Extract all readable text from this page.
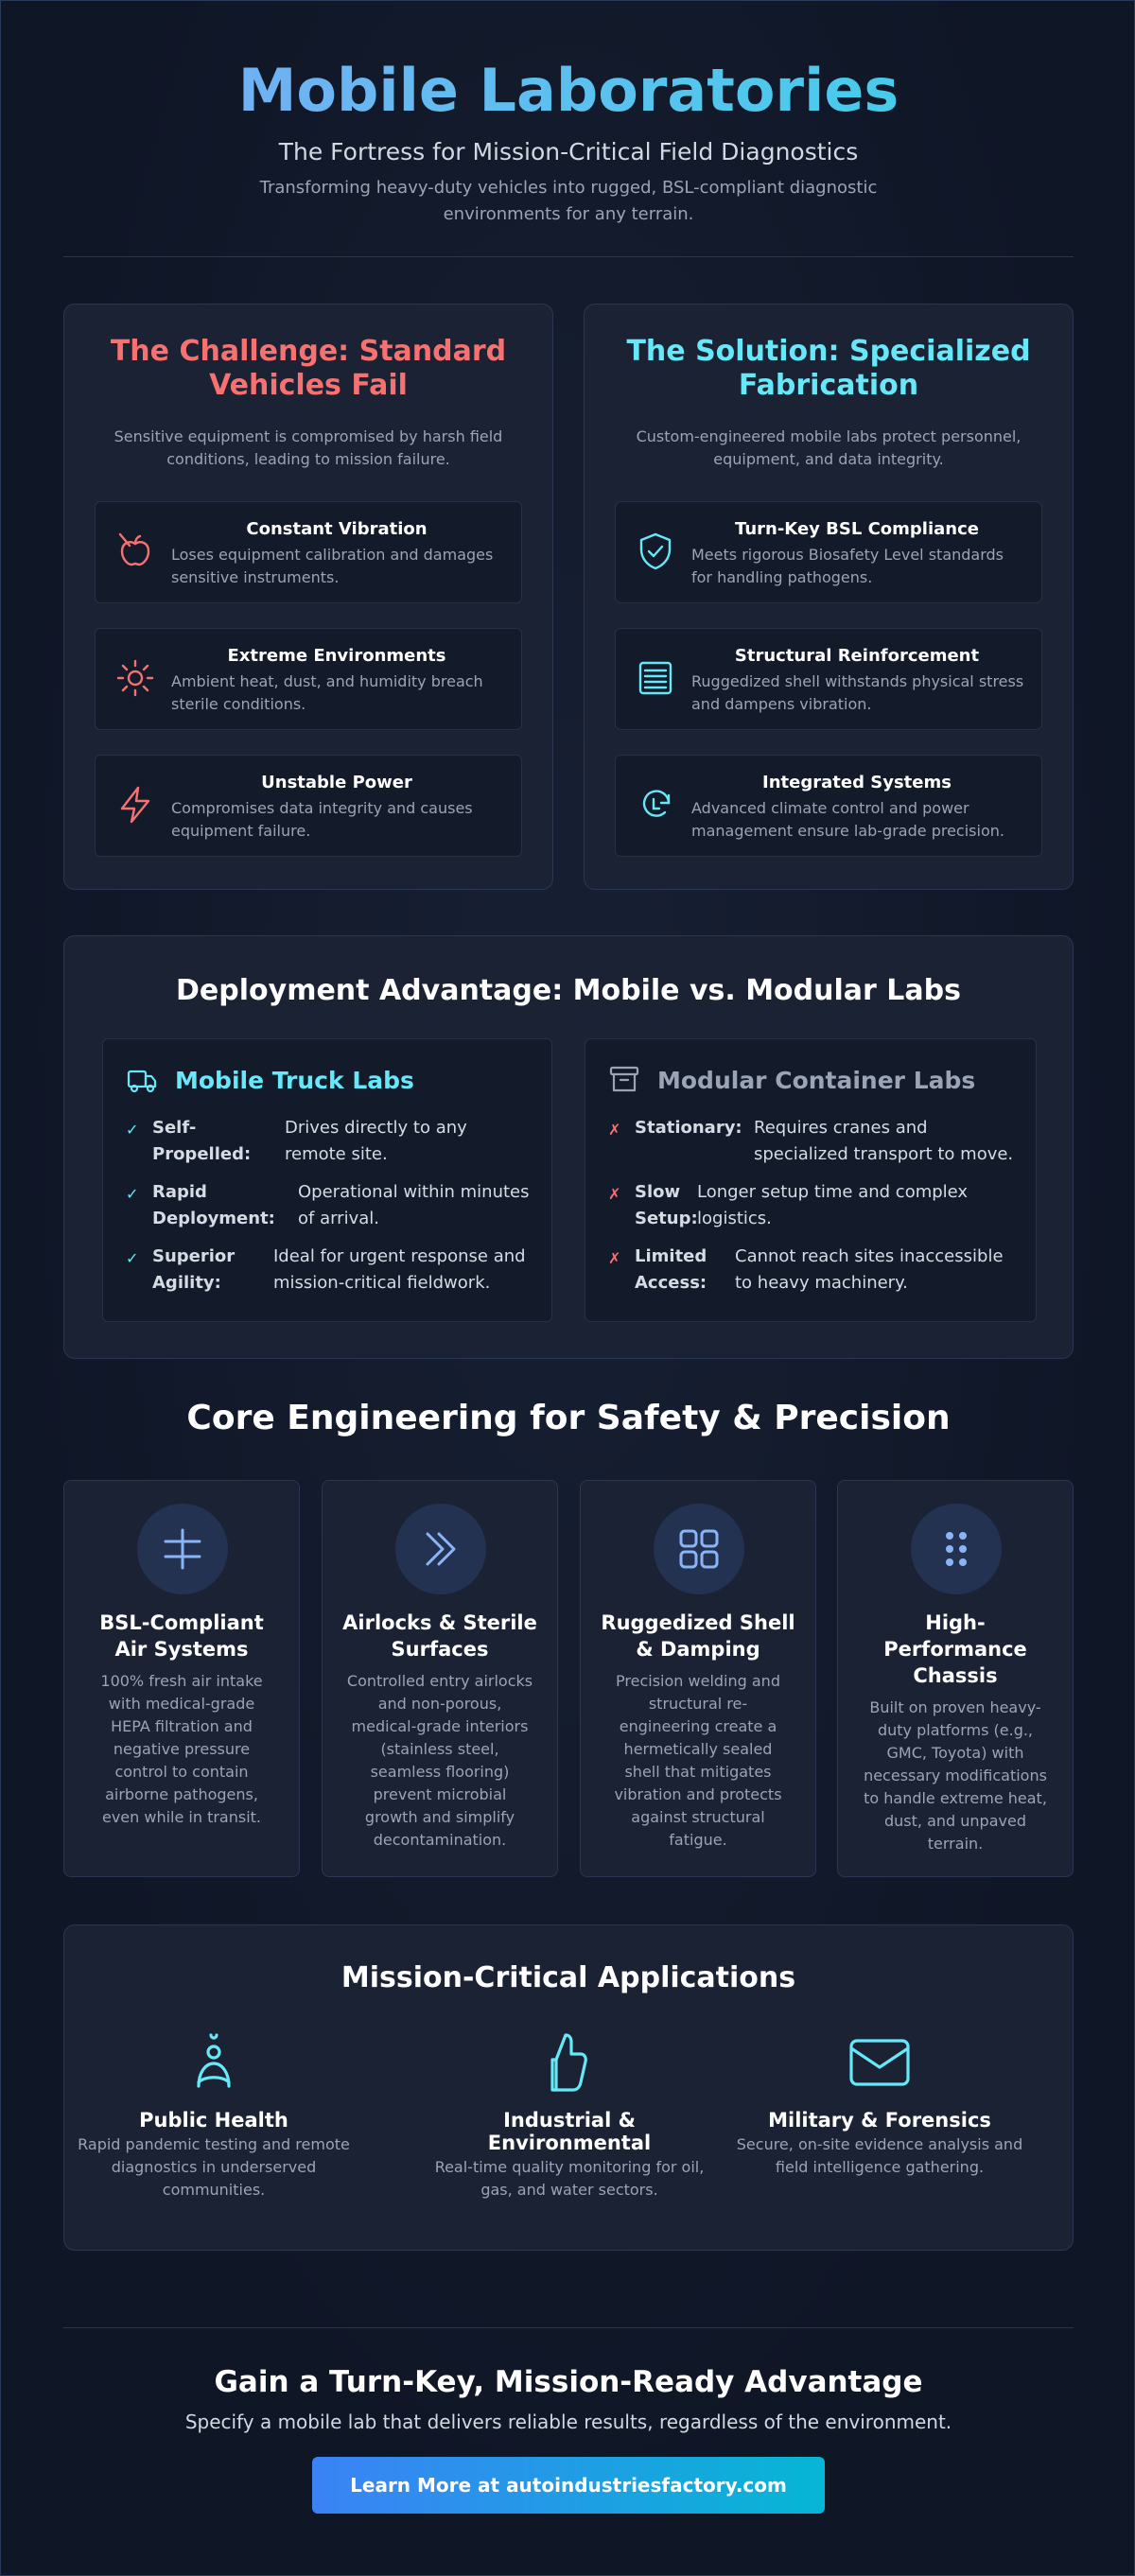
Mobile Laboratories
The Fortress for Mission-Critical Field Diagnostics
Transforming heavy-duty vehicles into rugged, BSL-compliant diagnostic
environments for any terrain.
The Challenge: Standard
Vehicles Fail
Sensitive equipment is compromised by harsh field
conditions, leading to mission failure.
Constant Vibration
Loses equipment calibration and damages
sensitive instruments.
Extreme Environments
Ambient heat, dust, and humidity breach
sterile conditions.
Unstable Power
Compromises data integrity and causes
equipment failure.
The Solution: Specialized
Fabrication
Custom-engineered mobile labs protect personnel,
equipment, and data integrity.
Turn-Key BSL Compliance
Meets rigorous Biosafety Level standards
for handling pathogens.
Structural Reinforcement
Ruggedized shell withstands physical stress
and dampens vibration.
Integrated Systems
Advanced climate control and power
management ensure lab-grade precision.
Deployment Advantage: Mobile vs. Modular Labs
Mobile Truck Labs
✓ Self-
Propelled:
Drives directly to any
remote site.
✓ Rapid
Deployment:
Operational within minutes
of arrival.
✓ Superior
Agility:
Ideal for urgent response and
mission-critical fieldwork.
Modular Container Labs
✗ Stationary: Requires cranes and
specialized transport to move.
✗ Slow
Setup:
Longer setup time and complex
logistics.
✗ Limited
Access:
Cannot reach sites inaccessible
to heavy machinery.
Core Engineering for Safety & Precision
BSL-Compliant
Air Systems
100% fresh air intake
with medical-grade
HEPA filtration and
negative pressure
control to contain
airborne pathogens,
even while in transit.
Airlocks & Sterile
Surfaces
Controlled entry airlocks
and non-porous,
medical-grade interiors
(stainless steel,
seamless flooring)
prevent microbial
growth and simplify
decontamination.
Ruggedized Shell
& Damping
Precision welding and
structural re-
engineering create a
hermetically sealed
shell that mitigates
vibration and protects
against structural
fatigue.
High-
Performance
Chassis
Built on proven heavy-
duty platforms (e.g.,
GMC, Toyota) with
necessary modifications
to handle extreme heat,
dust, and unpaved
terrain.
Mission-Critical Applications
Public Health
Rapid pandemic testing and remote
diagnostics in underserved
communities.
Industrial & Environmental
Real-time quality monitoring for oil,
gas, and water sectors.
Military & Forensics
Secure, on-site evidence analysis and
field intelligence gathering.
Gain a Turn-Key, Mission-Ready Advantage
Specify a mobile lab that delivers reliable results, regardless of the environment.
Learn More at autoindustriesfactory.com
